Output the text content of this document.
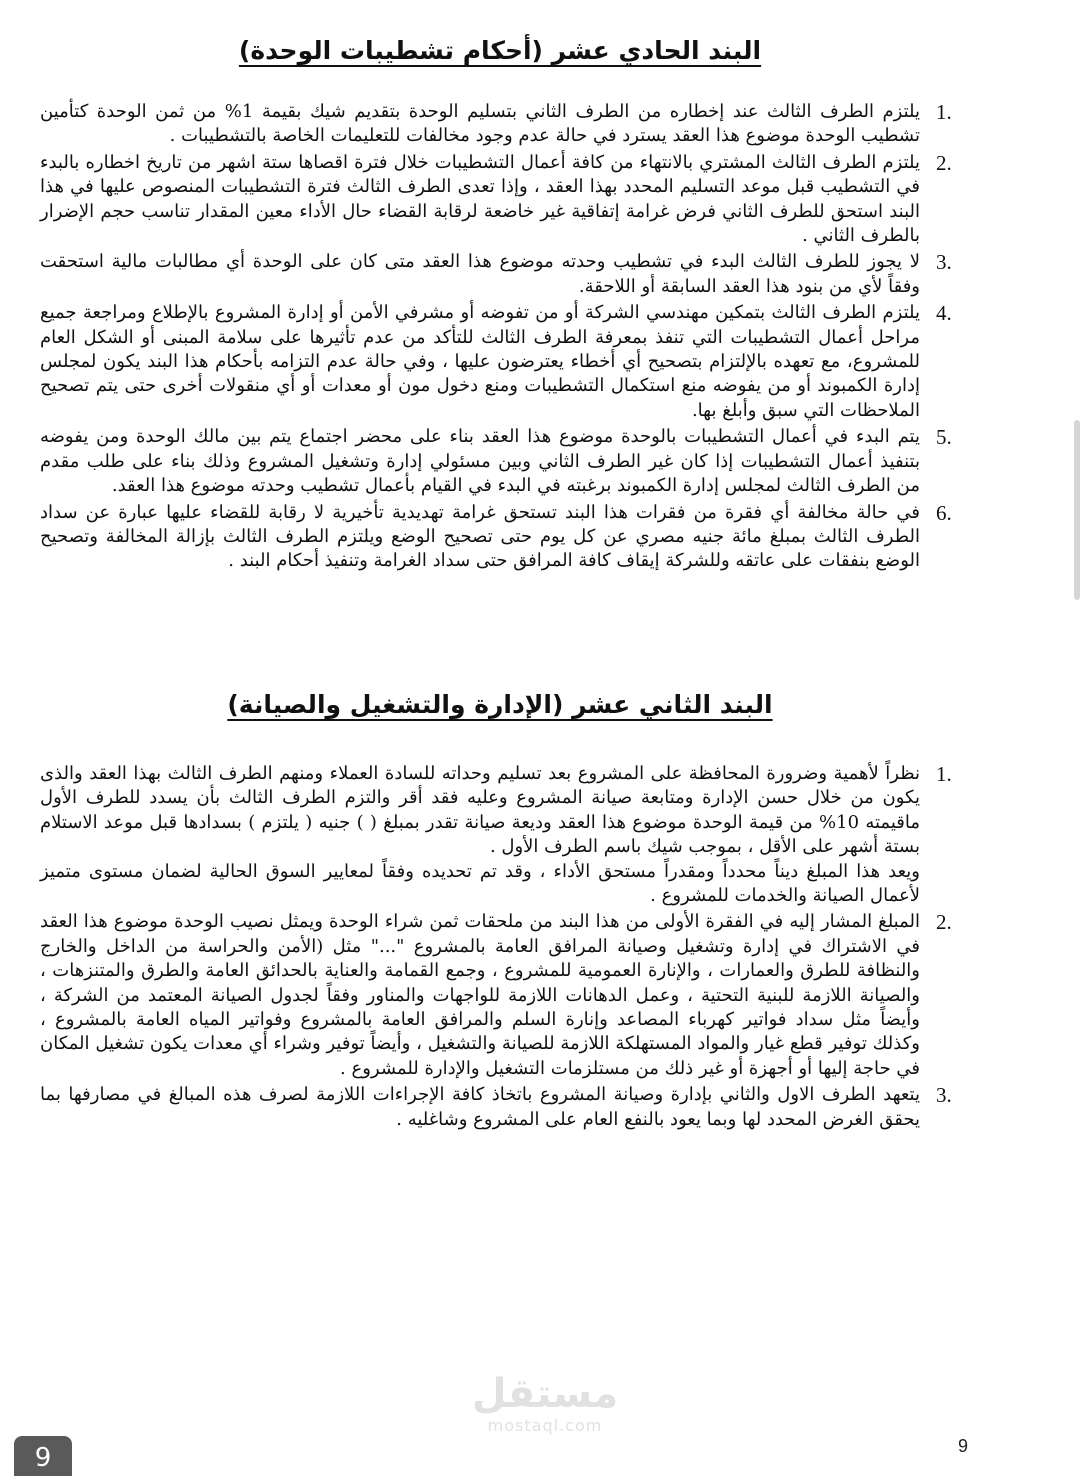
البند الحادي عشر (أحكام تشطيبات الوحدة)
1.
يلتزم الطرف الثالث عند إخطاره من الطرف الثاني بتسليم الوحدة بتقديم شيك بقيمة 1% من ثمن الوحدة كتأمين تشطيب الوحدة موضوع هذا العقد يسترد في حالة عدم وجود مخالفات للتعليمات الخاصة بالتشطيبات .
2.
يلتزم الطرف الثالث المشتري بالانتهاء من كافة أعمال التشطيبات خلال فترة اقصاها ستة اشهر من تاريخ اخطاره بالبدء في التشطيب قبل موعد التسليم المحدد بهذا العقد ، وإذا تعدى الطرف الثالث فترة التشطيبات المنصوص عليها في هذا البند استحق للطرف الثاني فرض غرامة إتفاقية غير خاضعة لرقابة القضاء حال الأداء معين المقدار تناسب حجم الإضرار بالطرف الثاني .
3.
لا يجوز للطرف الثالث البدء في تشطيب وحدته موضوع هذا العقد متى كان على الوحدة أي مطالبات مالية استحقت وفقاً لأي من بنود هذا العقد السابقة أو اللاحقة.
4.
يلتزم الطرف الثالث بتمكين مهندسي الشركة أو من تفوضه أو مشرفي الأمن أو إدارة المشروع بالإطلاع ومراجعة جميع مراحل أعمال التشطيبات التي تنفذ بمعرفة الطرف الثالث للتأكد من عدم تأثيرها على سلامة المبنى أو الشكل العام للمشروع، مع تعهده بالإلتزام بتصحيح أي أخطاء يعترضون عليها ، وفي حالة عدم التزامه بأحكام هذا البند يكون لمجلس إدارة الكمبوند أو من يفوضه منع استكمال التشطيبات ومنع دخول مون أو معدات أو أي منقولات أخرى حتى يتم تصحيح الملاحظات التي سبق وأبلغ بها.
5.
يتم البدء في أعمال التشطيبات بالوحدة موضوع هذا العقد بناء على محضر اجتماع يتم بين مالك الوحدة ومن يفوضه بتنفيذ أعمال التشطيبات إذا كان غير الطرف الثاني وبين مسئولي إدارة وتشغيل المشروع وذلك بناء على طلب مقدم من الطرف الثالث لمجلس إدارة الكمبوند برغبته في البدء في القيام بأعمال تشطيب وحدته موضوع هذا العقد.
6.
في حالة مخالفة أي فقرة من فقرات هذا البند تستحق غرامة تهديدية تأخيرية لا رقابة للقضاء عليها عبارة عن سداد الطرف الثالث بمبلغ مائة جنيه مصري عن كل يوم حتى تصحيح الوضع ويلتزم الطرف الثالث بإزالة المخالفة وتصحيح الوضع بنفقات على عاتقه وللشركة إيقاف كافة المرافق حتى سداد الغرامة وتنفيذ أحكام البند .
البند الثاني عشر (الإدارة والتشغيل والصيانة)
1.
نظراً لأهمية وضرورة المحافظة على المشروع بعد تسليم وحداته للسادة العملاء ومنهم الطرف الثالث بهذا العقد والذى يكون من خلال حسن الإدارة ومتابعة صيانة المشروع وعليه فقد أقر والتزم الطرف الثالث بأن يسدد للطرف الأول ماقيمته 10% من قيمة الوحدة موضوع هذا العقد وديعة صيانة تقدر بمبلغ ( ) جنيه ( يلتزم ) بسدادها قبل موعد الاستلام بستة أشهر على الأقل ، بموجب شيك باسم الطرف الأول .
ويعد هذا المبلغ ديناً محدداً ومقدراً مستحق الأداء ، وقد تم تحديده وفقاً لمعايير السوق الحالية لضمان مستوى متميز لأعمال الصيانة والخدمات للمشروع .
2.
المبلغ المشار إليه في الفقرة الأولى من هذا البند من ملحقات ثمن شراء الوحدة ويمثل نصيب الوحدة موضوع هذا العقد في الاشتراك في إدارة وتشغيل وصيانة المرافق العامة بالمشروع "..." مثل (الأمن والحراسة من الداخل والخارج والنظافة للطرق والعمارات ، والإنارة العمومية للمشروع ، وجمع القمامة والعناية بالحدائق العامة والطرق والمتنزهات ، والصيانة اللازمة للبنية التحتية ، وعمل الدهانات اللازمة للواجهات والمناور وفقاً لجدول الصيانة المعتمد من الشركة ، وأيضاً مثل سداد فواتير كهرباء المصاعد وإنارة السلم والمرافق العامة بالمشروع وفواتير المياه العامة بالمشروع ، وكذلك توفير قطع غيار والمواد المستهلكة اللازمة للصيانة والتشغيل ، وأيضاً توفير وشراء أي معدات يكون تشغيل المكان في حاجة إليها أو أجهزة أو غير ذلك من مستلزمات التشغيل والإدارة للمشروع .
3.
يتعهد الطرف الاول والثاني بإدارة وصيانة المشروع باتخاذ كافة الإجراءات اللازمة لصرف هذه المبالغ في مصارفها بما يحقق الغرض المحدد لها وبما يعود بالنفع العام على المشروع وشاغليه .
مستقل
mostaql.com
9	9
